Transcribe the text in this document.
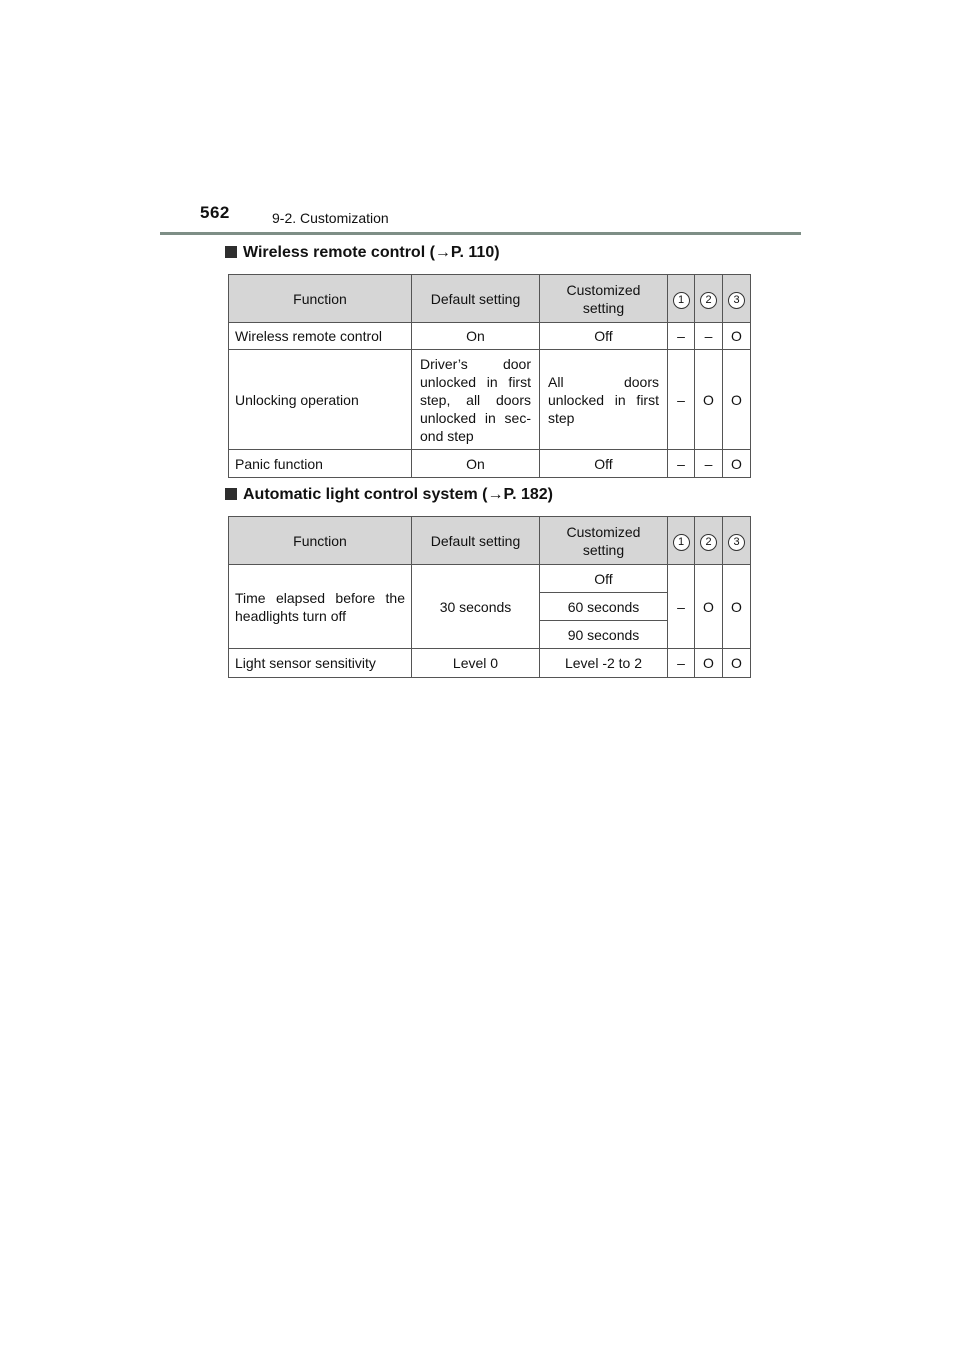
562	9-2. Customization
Wireless remote control (→P. 110)
Function	Default setting	Customized setting	1	2	3
Wireless remote control	On	Off	–	–	O
Unlocking operation	Driver’s door unlocked in first step, all doors unlocked in sec-ond step	All doors unlocked in first step	–	O	O
Panic function	On	Off	–	–	O
Automatic light control system (→P. 182)
Function	Default setting	Customized setting	1	2	3
Time elapsed before the headlights turn off	30 seconds	Off	–	O	O
		60 seconds			
		90 seconds			
Light sensor sensitivity	Level 0	Level -2 to 2	–	O	O
